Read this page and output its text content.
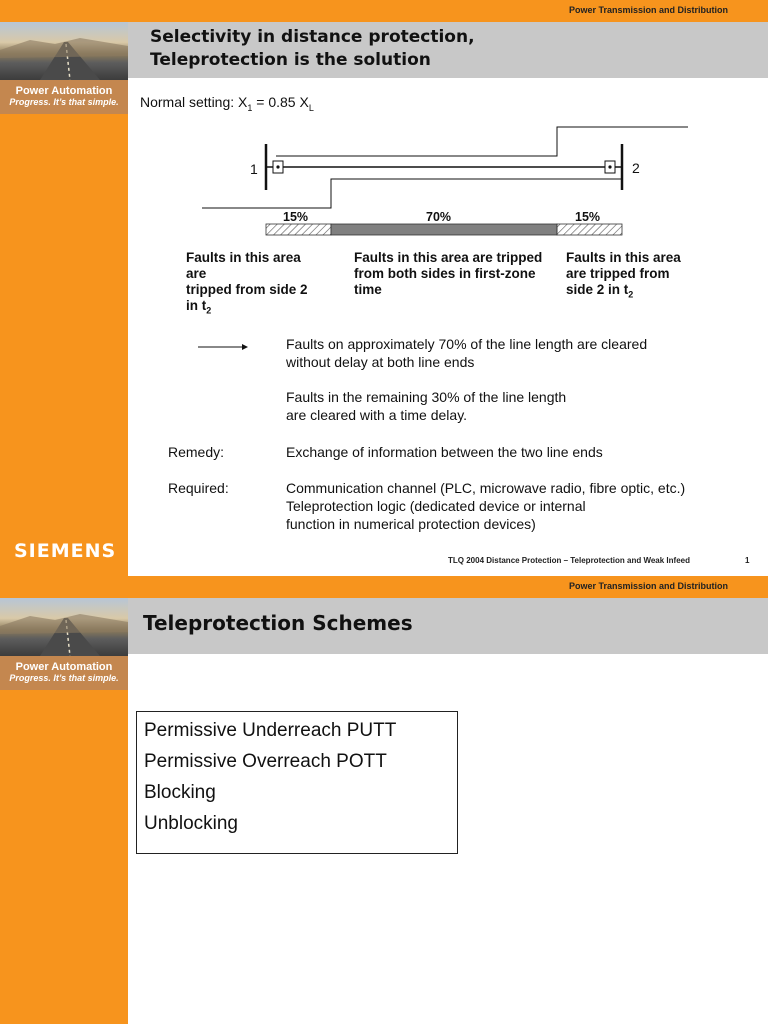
Power Transmission and Distribution
Power Automation
Progress. It’s that simple.
Selectivity in distance protection,
Teleprotection is the solution
Normal setting: $X_1 = 0.85$ $X_L$
1	2
15%	70%	15%
Faults in this area
are
tripped from side 2
in $t_2$
Faults in this area are tripped
from both sides in first-zone
time
Faults in this area
are tripped from
side 2 in $t_2$
Faults on approximately 70% of the line length are cleared
without delay at both line ends
Faults in the remaining 30% of the line length
are cleared with a time delay.
Remedy:	Exchange of information between the two line ends
Required:	Communication channel (PLC, microwave radio, fibre optic, etc.)
Teleprotection logic (dedicated device or internal
function in numerical protection devices)
SIEMENS	TLQ 2004 Distance Protection – Teleprotection and Weak Infeed	1
Power Transmission and Distribution
Power Automation
Progress. It’s that simple.
Teleprotection Schemes
Permissive Underreach PUTT
Permissive Overreach POTT
Blocking
Unblocking
